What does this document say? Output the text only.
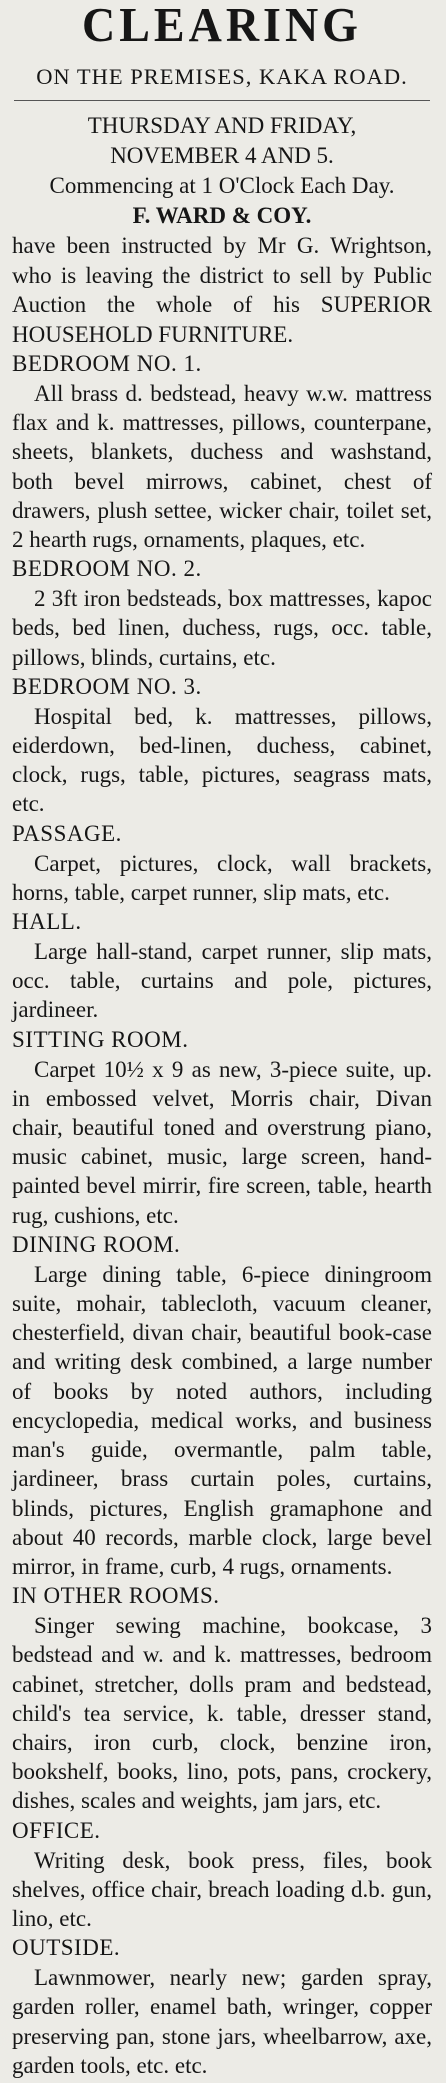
CLEARING
ON THE PREMISES, KAKA ROAD.
THURSDAY AND FRIDAY,
NOVEMBER 4 AND 5.
Commencing at 1 O'Clock Each Day.
F. WARD & COY.

have been instructed by Mr G. Wrightson, who is leaving the district to sell by Public Auction the whole of his SUPERIOR HOUSEHOLD FURNITURE.

BEDROOM NO. 1.

All brass d. bedstead, heavy w.w. mattress flax and k. mattresses, pillows, counterpane, sheets, blankets, duchess and washstand, both bevel mirrows, cabinet, chest of drawers, plush settee, wicker chair, toilet set, 2 hearth rugs, ornaments, plaques, etc.

BEDROOM NO. 2.

2 3ft iron bedsteads, box mattresses, kapoc beds, bed linen, duchess, rugs, occ. table, pillows, blinds, curtains, etc.

BEDROOM NO. 3.

Hospital bed, k. mattresses, pillows, eiderdown, bed-linen, duchess, cabinet, clock, rugs, table, pictures, seagrass mats, etc.

PASSAGE.

Carpet, pictures, clock, wall brackets, horns, table, carpet runner, slip mats, etc.

HALL.

Large hall-stand, carpet runner, slip mats, occ. table, curtains and pole, pictures, jardineer.

SITTING ROOM.

Carpet 10½ x 9 as new, 3-piece suite, up. in embossed velvet, Morris chair, Divan chair, beautiful toned and overstrung piano, music cabinet, music, large screen, hand-painted bevel mirrir, fire screen, table, hearth rug, cushions, etc.

DINING ROOM.

Large dining table, 6-piece diningroom suite, mohair, tablecloth, vacuum cleaner, chesterfield, divan chair, beautiful book-case and writing desk combined, a large number of books by noted authors, including encyclopedia, medical works, and business man's guide, overmantle, palm table, jardineer, brass curtain poles, curtains, blinds, pictures, English gramaphone and about 40 records, marble clock, large bevel mirror, in frame, curb, 4 rugs, ornaments.

IN OTHER ROOMS.

Singer sewing machine, bookcase, 3 bedstead and w. and k. mattresses, bedroom cabinet, stretcher, dolls pram and bedstead, child's tea service, k. table, dresser stand, chairs, iron curb, clock, benzine iron, bookshelf, books, lino, pots, pans, crockery, dishes, scales and weights, jam jars, etc.

OFFICE.

Writing desk, book press, files, book shelves, office chair, breach loading d.b. gun, lino, etc.

OUTSIDE.

Lawnmower, nearly new; garden spray, garden roller, enamel bath, wringer, copper preserving pan, stone jars, wheelbarrow, axe, garden tools, etc. etc.
